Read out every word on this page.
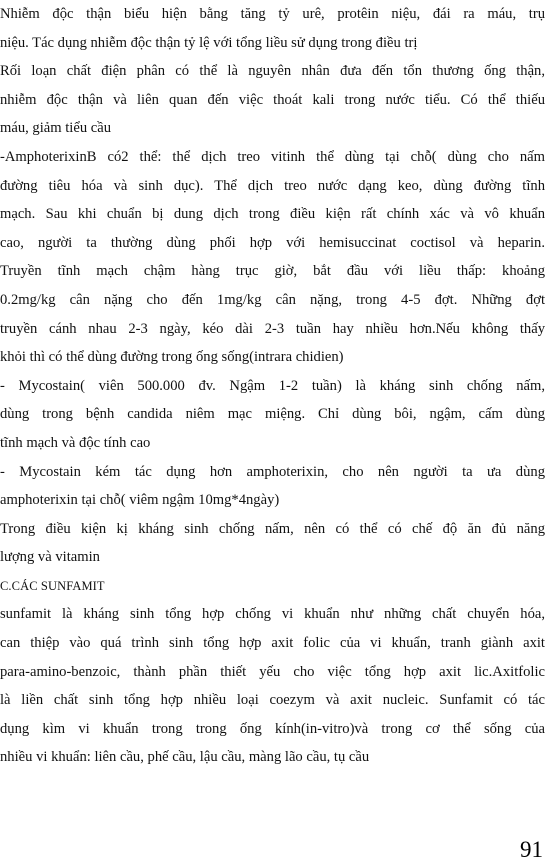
Nhiễm độc thận biểu hiện bằng tăng tỷ urê, protêin niệu, đái ra máu, trụ
niệu. Tác dụng nhiễm độc thận tỷ lệ với tổng liều sử dụng trong điều trị
Rối loạn chất điện phân có thể là nguyên nhân đưa đến tổn thương ống thận,
nhiễm độc thận và liên quan đến việc thoát kali trong nước tiểu. Có thể thiếu
máu, giảm tiểu cầu
-AmphoterixinB có2 thể: thể dịch treo vitinh thể dùng tại chỗ( dùng cho nấm
đường tiêu hóa và sinh dục). Thể dịch treo nước dạng keo, dùng đường tĩnh
mạch. Sau khi chuẩn bị dung dịch trong điều kiện rất chính xác và vô khuẩn
cao, người ta thường dùng phối hợp với hemisuccinat coctisol và heparin.
Truyền tĩnh mạch chậm hàng trục giờ, bắt đầu với liều thấp: khoảng
0.2mg/kg cân nặng cho đến 1mg/kg cân nặng, trong 4-5 đợt. Những đợt
truyền cánh nhau 2-3 ngày, kéo dài 2-3 tuần hay nhiều hơn.Nếu không thấy
khỏi thì có thể dùng đường trong ống sống(intrara chidien)
- Mycostain( viên 500.000 đv. Ngậm 1-2 tuần) là kháng sinh chống nấm,
dùng trong bệnh candida niêm mạc miệng. Chỉ dùng bôi, ngậm, cấm dùng
tĩnh mạch và độc tính cao
- Mycostain kém tác dụng hơn amphoterixin, cho nên người ta ưa dùng
amphoterixin tại chỗ( viêm ngậm 10mg*4ngày)
Trong điều kiện kị kháng sinh chống nấm, nên có thể có chế độ ăn đủ năng
lượng và vitamin
C.CÁC SUNFAMIT
sunfamit là kháng sinh tổng hợp chống vi khuẩn như những chất chuyển hóa,
can thiệp vào quá trình sinh tổng hợp axit folic của vi khuẩn, tranh giành axit
para-amino-benzoic, thành phần thiết yếu cho việc tổng hợp axit lic.Axitfolic
là liền chất sinh tổng hợp nhiều loại coezym và axit nucleic. Sunfamit có tác
dụng kìm vi khuẩn trong trong ống kính(in-vitro)và trong cơ thể sống của
nhiều vi khuẩn: liên cầu, phế cầu, lậu cầu, màng lão cầu, tụ cầu
91
